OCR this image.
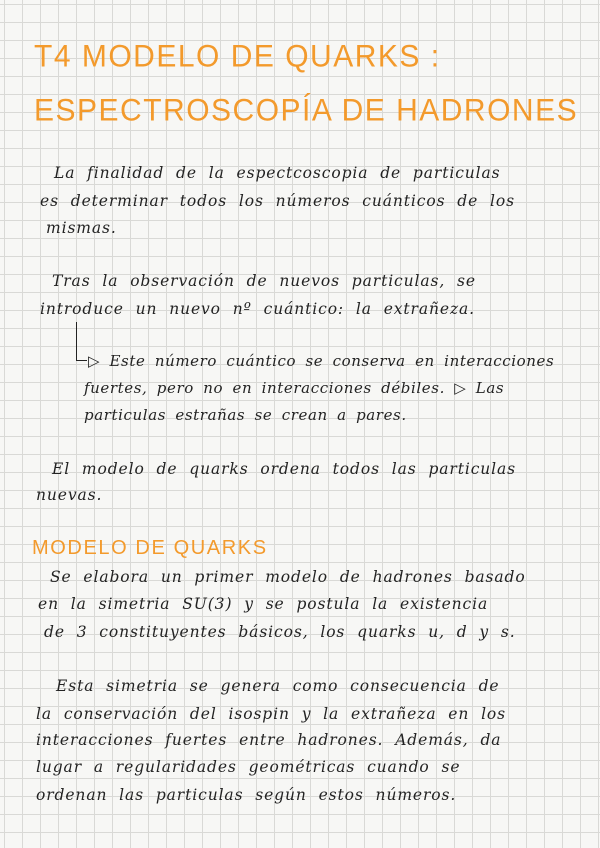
T4 MODELO DE QUARKS :
ESPECTROSCOPÍA DE HADRONES
La finalidad de la espectcoscopia de particulas
es determinar todos los números cuánticos de los
mismas.
Tras la observación de nuevos particulas, se
introduce un nuevo nº cuántico: la extrañeza.
▷ Este número cuántico se conserva en interacciones
fuertes, pero no en interacciones débiles. ▷ Las
particulas estrañas se crean a pares.
El modelo de quarks ordena todos las particulas
nuevas.
MODELO DE QUARKS
Se elabora un primer modelo de hadrones basado
en la simetria SU(3) y se postula la existencia
de 3 constituyentes básicos, los quarks u, d y s.
Esta simetria se genera como consecuencia de
la conservación del isospin y la extrañeza en los
interacciones fuertes entre hadrones. Además, da
lugar a regularidades geométricas cuando se
ordenan las particulas según estos números.
